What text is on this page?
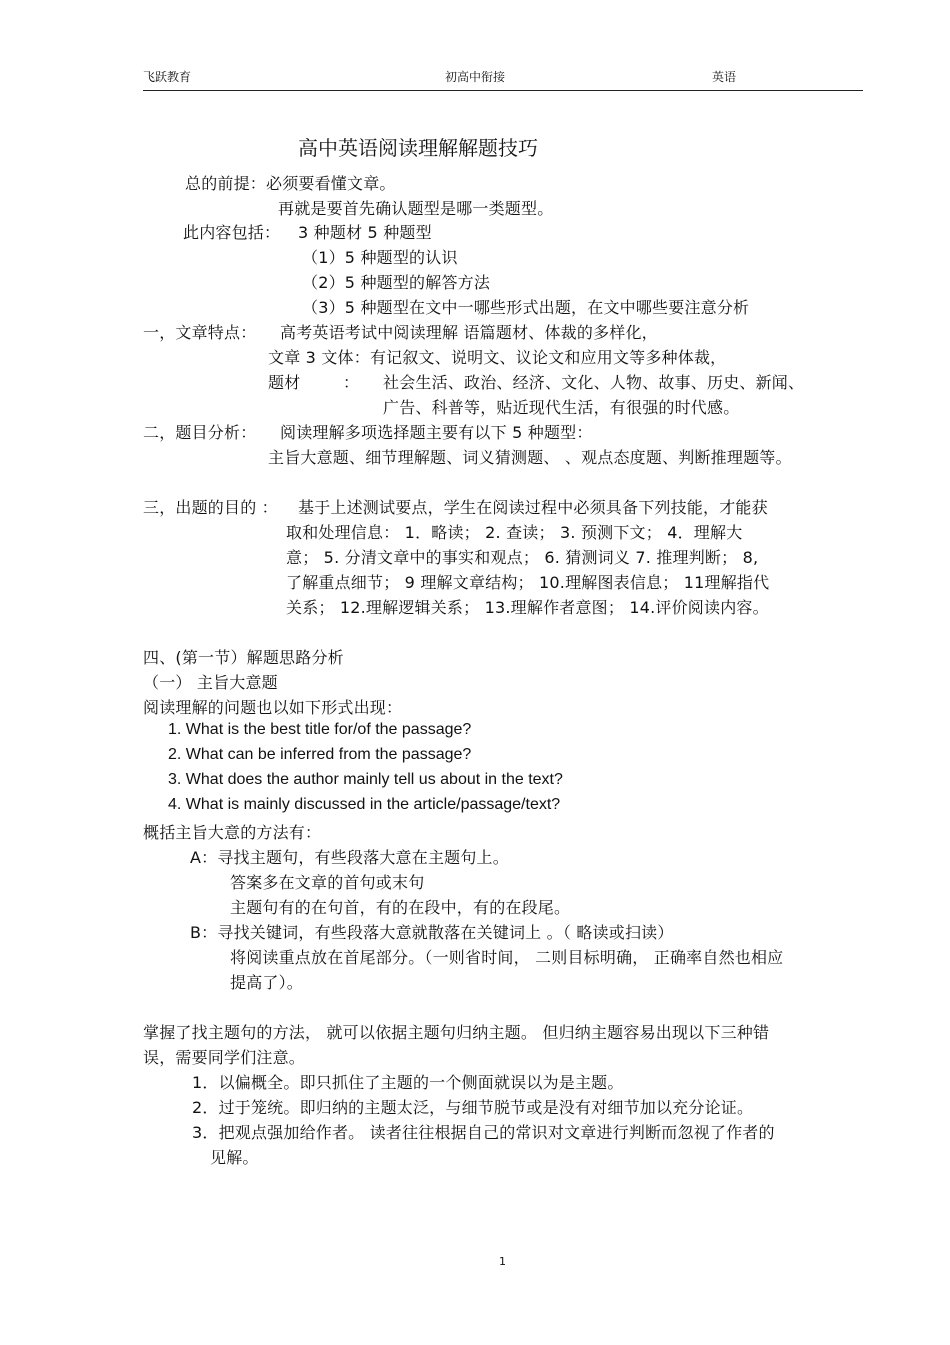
飞跃教育	初高中衔接	英语
高中英语阅读理解解题技巧
总的前提：必须要看懂文章。
再就是要首先确认题型是哪一类题型。
此内容包括： 3 种题材 5 种题型
（1）5 种题型的认识
（2）5 种题型的解答方法
（3）5 种题型在文中一哪些形式出题，在文中哪些要注意分析
一，文章特点： 高考英语考试中阅读理解 语篇题材、体裁的多样化，
文章 3 文体：有记叙文、说明文、议论文和应用文等多种体裁，
题材	： 社会生活、政治、经济、文化、人物、故事、历史、新闻、
广告、科普等，贴近现代生活，有很强的时代感。
二，题目分析： 阅读理解多项选择题主要有以下 5 种题型：
主旨大意题、细节理解题、词义猜测题、 、观点态度题、判断推理题等。
三，出题的目的 ： 基于上述测试要点，学生在阅读过程中必须具备下列技能，才能获
取和处理信息： 1．略读； 2. 查读； 3. 预测下文； 4．理解大
意； 5. 分清文章中的事实和观点； 6. 猜测词义 7. 推理判断； 8,
了解重点细节； 9 理解文章结构； 10.理解图表信息； 11理解指代
关系； 12.理解逻辑关系； 13.理解作者意图； 14.评价阅读内容。
四、(第一节）解题思路分析
（一） 主旨大意题
阅读理解的问题也以如下形式出现：
1. What is the best title for/of the passage?
2. What can be inferred from the passage?
3. What does the author mainly tell us about in the text?
4. What is mainly discussed in the article/passage/text?
概括主旨大意的方法有：
A：寻找主题句，有些段落大意在主题句上。
答案多在文章的首句或末句
主题句有的在句首，有的在段中，有的在段尾。
B：寻找关键词，有些段落大意就散落在关键词上 。（ 略读或扫读）
将阅读重点放在首尾部分。（一则省时间， 二则目标明确， 正确率自然也相应
提高了）。
掌握了找主题句的方法， 就可以依据主题句归纳主题。 但归纳主题容易出现以下三种错
误，需要同学们注意。
1．以偏概全。即只抓住了主题的一个侧面就误以为是主题。
2．过于笼统。即归纳的主题太泛，与细节脱节或是没有对细节加以充分论证。
3．把观点强加给作者。 读者往往根据自己的常识对文章进行判断而忽视了作者的
见解。
1
